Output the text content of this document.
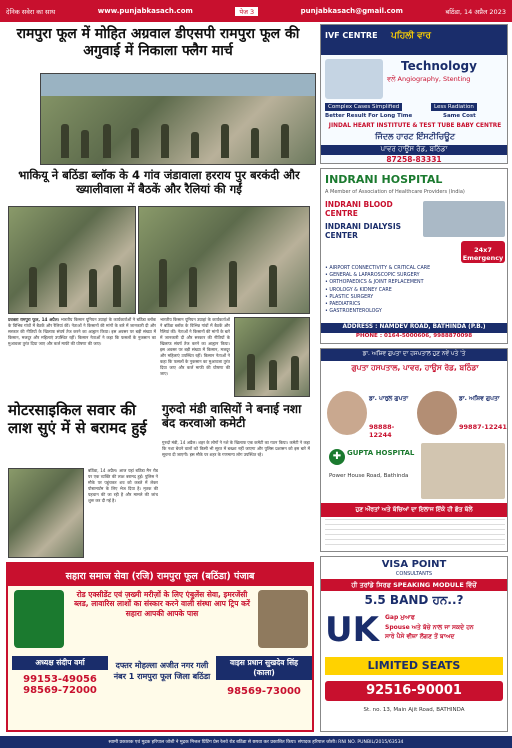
देनिक सवेरा का साथ	www.punjabkasach.com	पेज 3	punjabkasach@gmail.com	बठिंडा, 14 अप्रैल 2023
रामपुरा फूल में मोहित अग्रवाल डीएसपी रामपुरा फूल की अगुवाई में निकाला फ्लैग मार्च
भाकियू ने बठिंडा ब्लॉक के 4 गांव जंडावाला हरराय पुर बरकंदी और ख्यालीवाला में बैठकें और रैलियां की गईं
प्रवक्ता रामपुरा फूल, 14 अप्रैल। भारतीय किसान यूनियन उग्राहां के कार्यकर्ताओं ने बठिंडा ब्लॉक के विभिन्न गांवों में बैठकें और रैलियां कीं। नेताओं ने किसानों की मांगों के बारे में जानकारी दी और सरकार की नीतियों के खिलाफ संघर्ष तेज करने का आह्वान किया। इस अवसर पर बड़ी संख्या में किसान, मजदूर और महिलाएं उपस्थित रहीं। किसान नेताओं ने कहा कि फसलों के नुकसान का मुआवजा तुरंत दिया जाए और कर्ज माफी की घोषणा की जाए।
भारतीय किसान यूनियन उग्राहां के कार्यकर्ताओं ने बठिंडा ब्लॉक के विभिन्न गांवों में बैठकें और रैलियां कीं। नेताओं ने किसानों की मांगों के बारे में जानकारी दी और सरकार की नीतियों के खिलाफ संघर्ष तेज करने का आह्वान किया। इस अवसर पर बड़ी संख्या में किसान, मजदूर और महिलाएं उपस्थित रहीं। किसान नेताओं ने कहा कि फसलों के नुकसान का मुआवजा तुरंत दिया जाए और कर्ज माफी की घोषणा की जाए।
मोटरसाइकिल सवार की लाश सुएं में से बरामद हुई
बठिंडा, 14 अप्रैल। आज यहां बठिंडा मैन रोड पर एक व्यक्ति की लाश बरामद हुई। पुलिस ने मौके पर पहुंचकर शव को कब्जे में लेकर पोस्टमार्टम के लिए भेज दिया है। मृतक की पहचान की जा रही है और मामले की जांच शुरू कर दी गई है।
गुरुदो मंडी वासियों ने बनाई नशा बंद करवाओ कमेटी
गुरुदो मंडी, 14 अप्रैल। शहर के लोगों ने नशे के खिलाफ एक कमेटी का गठन किया। कमेटी ने कहा कि नशा बेचने वालों को किसी भी सूरत में बख्शा नहीं जाएगा और पुलिस प्रशासन को इस बारे में सूचना दी जाएगी। इस मौके पर शहर के गणमान्य लोग उपस्थित रहे।
सहारा समाज सेवा (रजि) रामपुरा फूल (बठिंडा) पंजाब
रोड एक्सीडेंट एवं ज़ख्मी मरीज़ों के लिए एंबुलेंस सेवा, इमरजेंसी ब्लड, लावारिस लाशों का संस्कार करने वाली संस्था आप ट्रिप करें सहारा आपकी आपके पास
अध्यक्ष संदीप वर्मा
99153-49056
98569-72000
दफ्तर मोहल्ला अजीत नगर गली नंबर 1 रामपुरा फूल जिला बठिंडा
वाइस प्रधान सुखदेव सिंह (काला)
98569-73000
IVF CENTRE ਪਹਿਲੀ ਵਾਰ
Technology
ਵਲੋਂ Angiography, Stenting
Complex Cases Simplified	Less Radiation
Better Result For Long Time	Same Cost
JINDAL HEART INSTITUTE & TEST TUBE BABY CENTRE
ਜਿੰਦਲ ਹਾਰਟ ਇੰਸਟੀਚਿਊਟ
ਪਾਵਰ ਹਾਊਸ ਰੋਡ, ਬਠਿੰਡਾ
87258-83331
INDRANI HOSPITAL
A Member of Association of Healthcare Providers (India)
INDRANI BLOOD CENTRE
INDRANI DIALYSIS CENTER
24x7 Emergency
• AIRPORT CONNECTIVITY & CRITICAL CARE
• GENERAL & LAPAROSCOPIC SURGERY
• ORTHOPAEDICS & JOINT REPLACEMENT
• UROLOGY & KIDNEY CARE
• PLASTIC SURGERY
• PAEDIATRICS
• GASTROENTEROLOGY
ADDRESS : NAMDEV ROAD, BATHINDA (P.B.)
PHONE : 0164-5000606, 9988870098
ਡਾ. ਅਸ਼ਿਵ ਗੁਪਤਾ ਦਾ ਹਸਪਤਾਲ ਹੁਣ ਨਵੇਂ ਪਤੇ 'ਤੇ
ਗੁਪਤਾ ਹਸਪਤਾਲ, ਪਾਵਰ, ਹਾਊਸ ਰੋਡ, ਬਠਿੰਡਾ
ਡਾ. ਪਾਰੁਲ ਗੁਪਤਾ
98888-12244
ਡਾ. ਅਸ਼ਿਵ ਗੁਪਤਾ
99887-12241
✚ GUPTA HOSPITAL
Power House Road, Bathinda
ਹੁਣ ਔਰਤਾਂ ਅਤੇ ਬੱਚਿਆਂ ਦਾ ਇਲਾਜ ਇੱਕੋ ਹੀ ਛੱਤ ਥੱਲੇ
VISA POINT
CONSULTANTS
ਹੀ ਤਰਾਂਡੇ ਸਿਰਫ SPEAKING MODULE ਵਿੱਚੋਂ
5.5 BAND ਹਨ..?
UK	Gap ਮੁਆਫ
Spouse ਅਤੇ ਬੱਚੇ ਨਾਲ ਜਾ ਸਕਦੇ ਹਨ
ਸਾਰੇ ਪੈਸੇ ਵੀਜ਼ਾ ਲੱਗਣ ਤੋਂ ਬਾਅਦ
LIMITED SEATS
92516-90001
St. no. 13, Main Ajit Road, BATHINDA
स्वामी प्रकाशक एवं मुद्रक हरिपाल जोशी ने मुद्रक मित्तल प्रिंटिंग प्रेस रेलवे रोड बठिंडा से छपवा कर प्रकाशित किया। संपादक हरिपाल जोशी। RNI NO. PUNBIL/2015/63534
